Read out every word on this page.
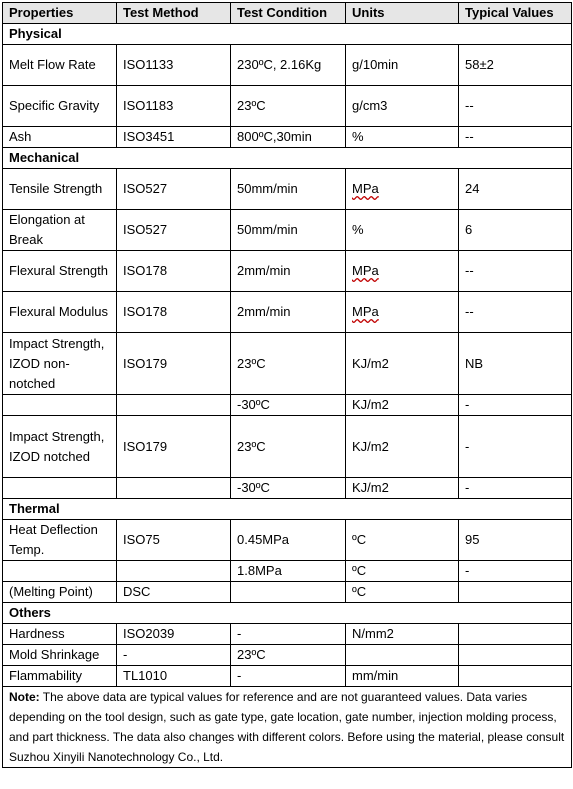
Properties	Test Method	Test Condition	Units	Typical Values
Physical				
Melt Flow Rate	ISO1133	230ºC, 2.16Kg	g/10min	58±2
Specific Gravity	ISO1183	23ºC	g/cm3	--
Ash	ISO3451	800ºC,30min	%	--
Mechanical				
Tensile Strength	ISO527	50mm/min	MPa	24
Elongation at Break	ISO527	50mm/min	%	6
Flexural Strength	ISO178	2mm/min	MPa	--
Flexural Modulus	ISO178	2mm/min	MPa	--
Impact Strength, IZOD non-notched	ISO179	23ºC	KJ/m2	NB
		-30ºC	KJ/m2	-
Impact Strength, IZOD notched	ISO179	23ºC	KJ/m2	-
		-30ºC	KJ/m2	-
Thermal				
Heat Deflection Temp.	ISO75	0.45MPa	ºC	95
		1.8MPa	ºC	-
(Melting Point)	DSC		ºC	
Others				
Hardness	ISO2039	-	N/mm2	
Mold Shrinkage	-	23ºC		
Flammability	TL1010	-	mm/min	
Note: The above data are typical values for reference and are not guaranteed values. Data varies depending on the tool design, such as gate type, gate location, gate number, injection molding process, and part thickness. The data also changes with different colors. Before using the material, please consult Suzhou Xinyili Nanotechnology Co., Ltd.				
